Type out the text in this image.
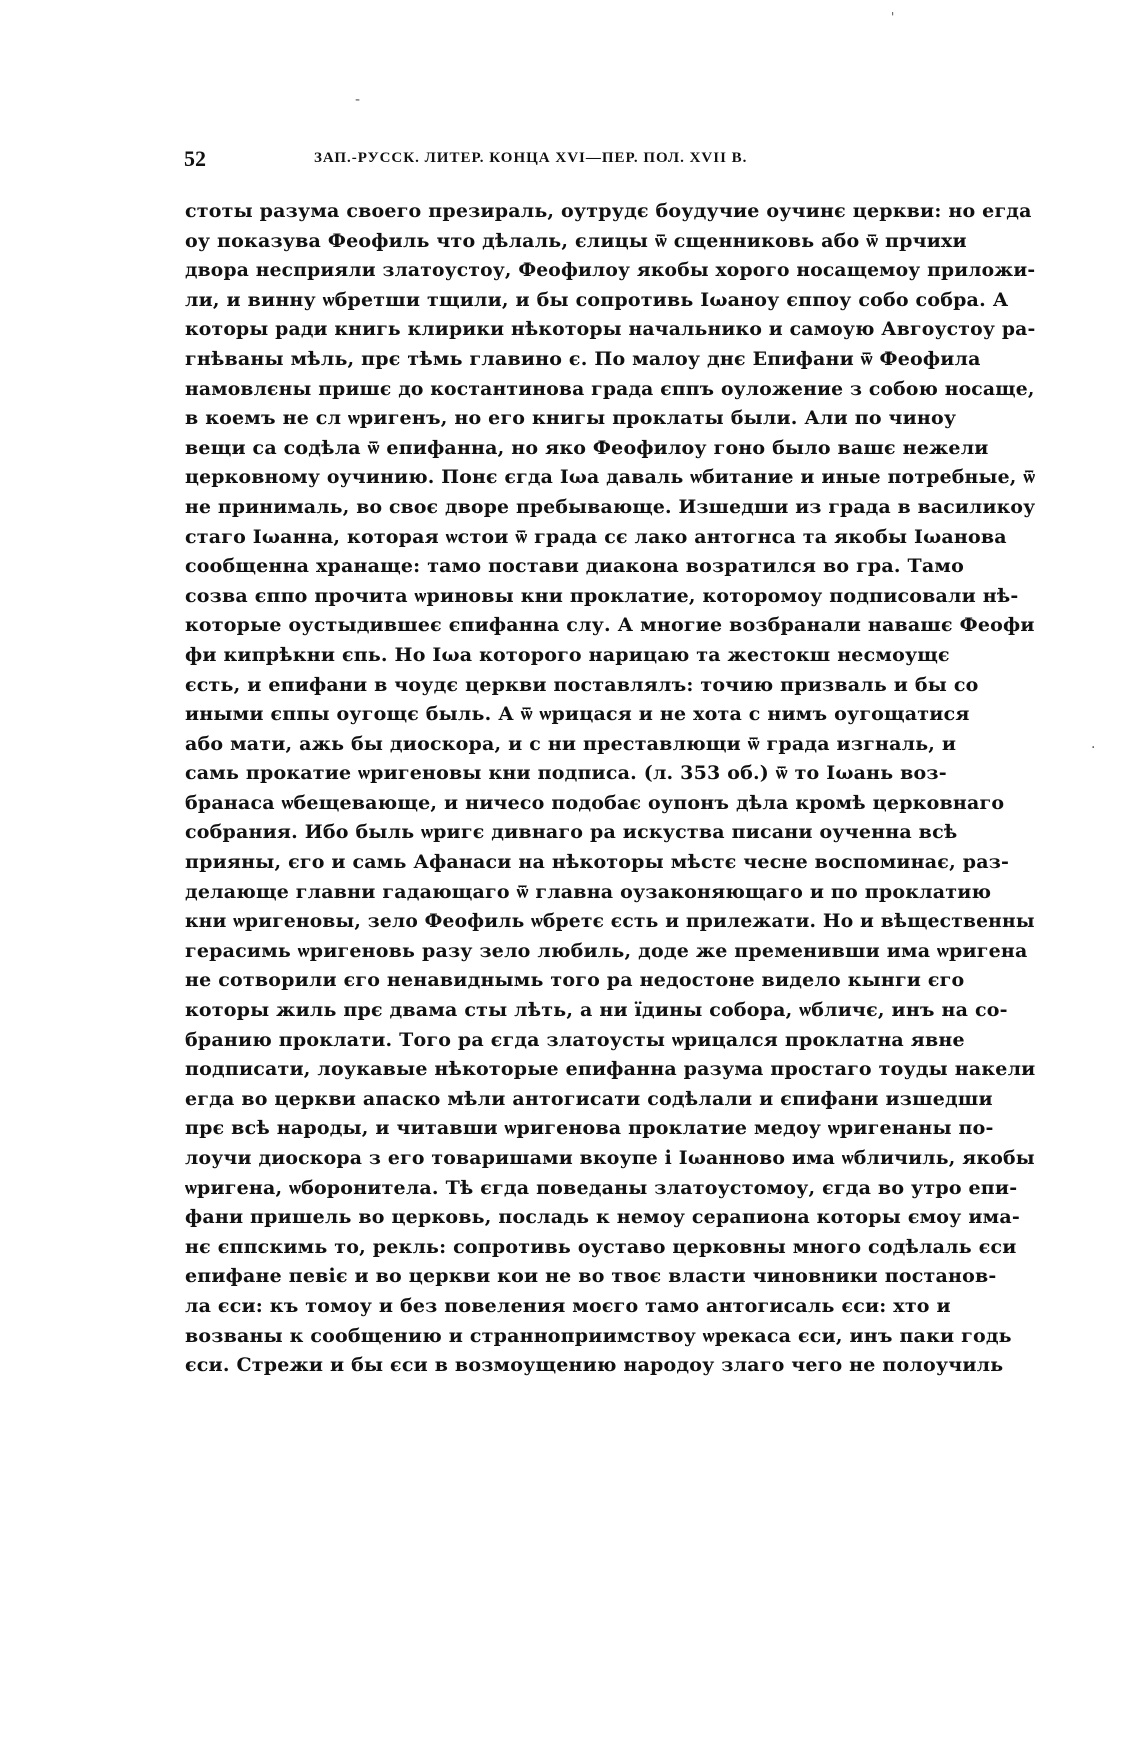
-
'
·
52	ЗАП.-РУССК. ЛИТЕР. КОНЦА XVI—ПЕР. ПОЛ. XVII В.
стоты разума своего презираль, оутрудє боудучие оучинє церкви: но егда
оу показува Феофиль что дѣлаль, єлицы ѿ сщенниковь або ѿ прчихи
двора несприяли златоустоу, Феофилоу якобы хорого носащемоу приложи-
ли, и винну ѡбретши тщили, и бы сопротивь Ιωаноу єппоу собо собра. А
которы ради книгь клирики нѣкоторы начальнико и самоую Авгоустоу ра-
гнѣваны мѣль, прє тѣмь главино є. По малоу днє Епифани ѿ Феофила
намовлєны пришє до костантинова града єппъ оуложение з собою носаще,
в коемъ не сл ѡригенъ, но его книгы проклаты были. Али по чиноу
вещи са содѣла ѿ епифанна, но яко Феофилоу гоно было вашє нежели
церковному оучинию. Понє єгда Ιωа даваль ѡбитание и иные потребные, ѿ
не принималь, во своє дворе пребывающе. Изшедши из града в василикоу
стаго Ιωанна, которая ѡстои ѿ града сє лако антогнса та якобы Ιωанова
сообщенна хранаще: тамо постави диакона возратился во гра. Тамо
созва єппо прочита ѡриновы кни проклатие, которомоу подписовали нѣ-
которые оустыдившеє єпифанна слу. А многие возбранали навашє Феофи
фи кипрѣкни єпь. Но Ιωа которого нарицаю та жестокш несмоущє
єсть, и епифани в чоудє церкви поставлялъ: точию призваль и бы со
иными єппы оугощє быль. А ѿ ѡрицася и не хота с нимъ оугощатися
або мати, ажь бы диоскора, и с ни преставлющи ѿ града изгналь, и
самь прокатие ѡригеновы кни подписа. (л. 353 об.) ѿ то Ιωань воз-
бранаса ѡбещевающе, и ничесо подобає оупонъ дѣла кромѣ церковнаго
собрания. Ибо быль ѡригє дивнаго ра искуства писани оученна всѣ
прияны, єго и самь Афанаси на нѣкоторы мѣстє чесне воспоминає, раз-
делающе главни гадающаго ѿ главна оузаконяющаго и по проклатию
кни ѡригеновы, зело Феофиль ѡбретє єсть и прилежати. Но и вѣщественны
герасимь ѡригеновь разу зело любиль, доде же пременивши има ѡригена
не сотворили єго ненавиднымь того ра недостоне видело кынги єго
которы жиль прє двама сты лѣть, а ни їдины собора, ѡбличє, инъ на со-
бранию проклати. Того ра єгда златоусты ѡрицался проклатна явне
подписати, лоукавые нѣкоторые епифанна разума простаго тоуды накели
егда во церкви апаско мѣли антогисати содѣлали и єпифани изшедши
прє всѣ народы, и читавши ѡригенова проклатие медоу ѡригенаны по-
лоучи диоскора з его товаришами вкоупе і Ιωанново има ѡбличиль, якобы
ѡригена, ѡборонитела. Тѣ єгда поведаны златоустомоу, єгда во утро епи-
фани пришель во церковь, посладь к немоу серапиона которы ємоу има-
нє єппскимь то, рекль: сопротивь оуставо церковны много содѣлаль єси
епифане певіє и во церкви кои не во твоє власти чиновники постанов-
ла єси: къ томоу и без повеления моєго тамо антогисаль єси: хто и
возваны к сообщению и странноприимствоу ѡрекаса єси, инъ паки годь
єси. Стрежи и бы єси в возмоущению народоу злаго чего не полоучиль
